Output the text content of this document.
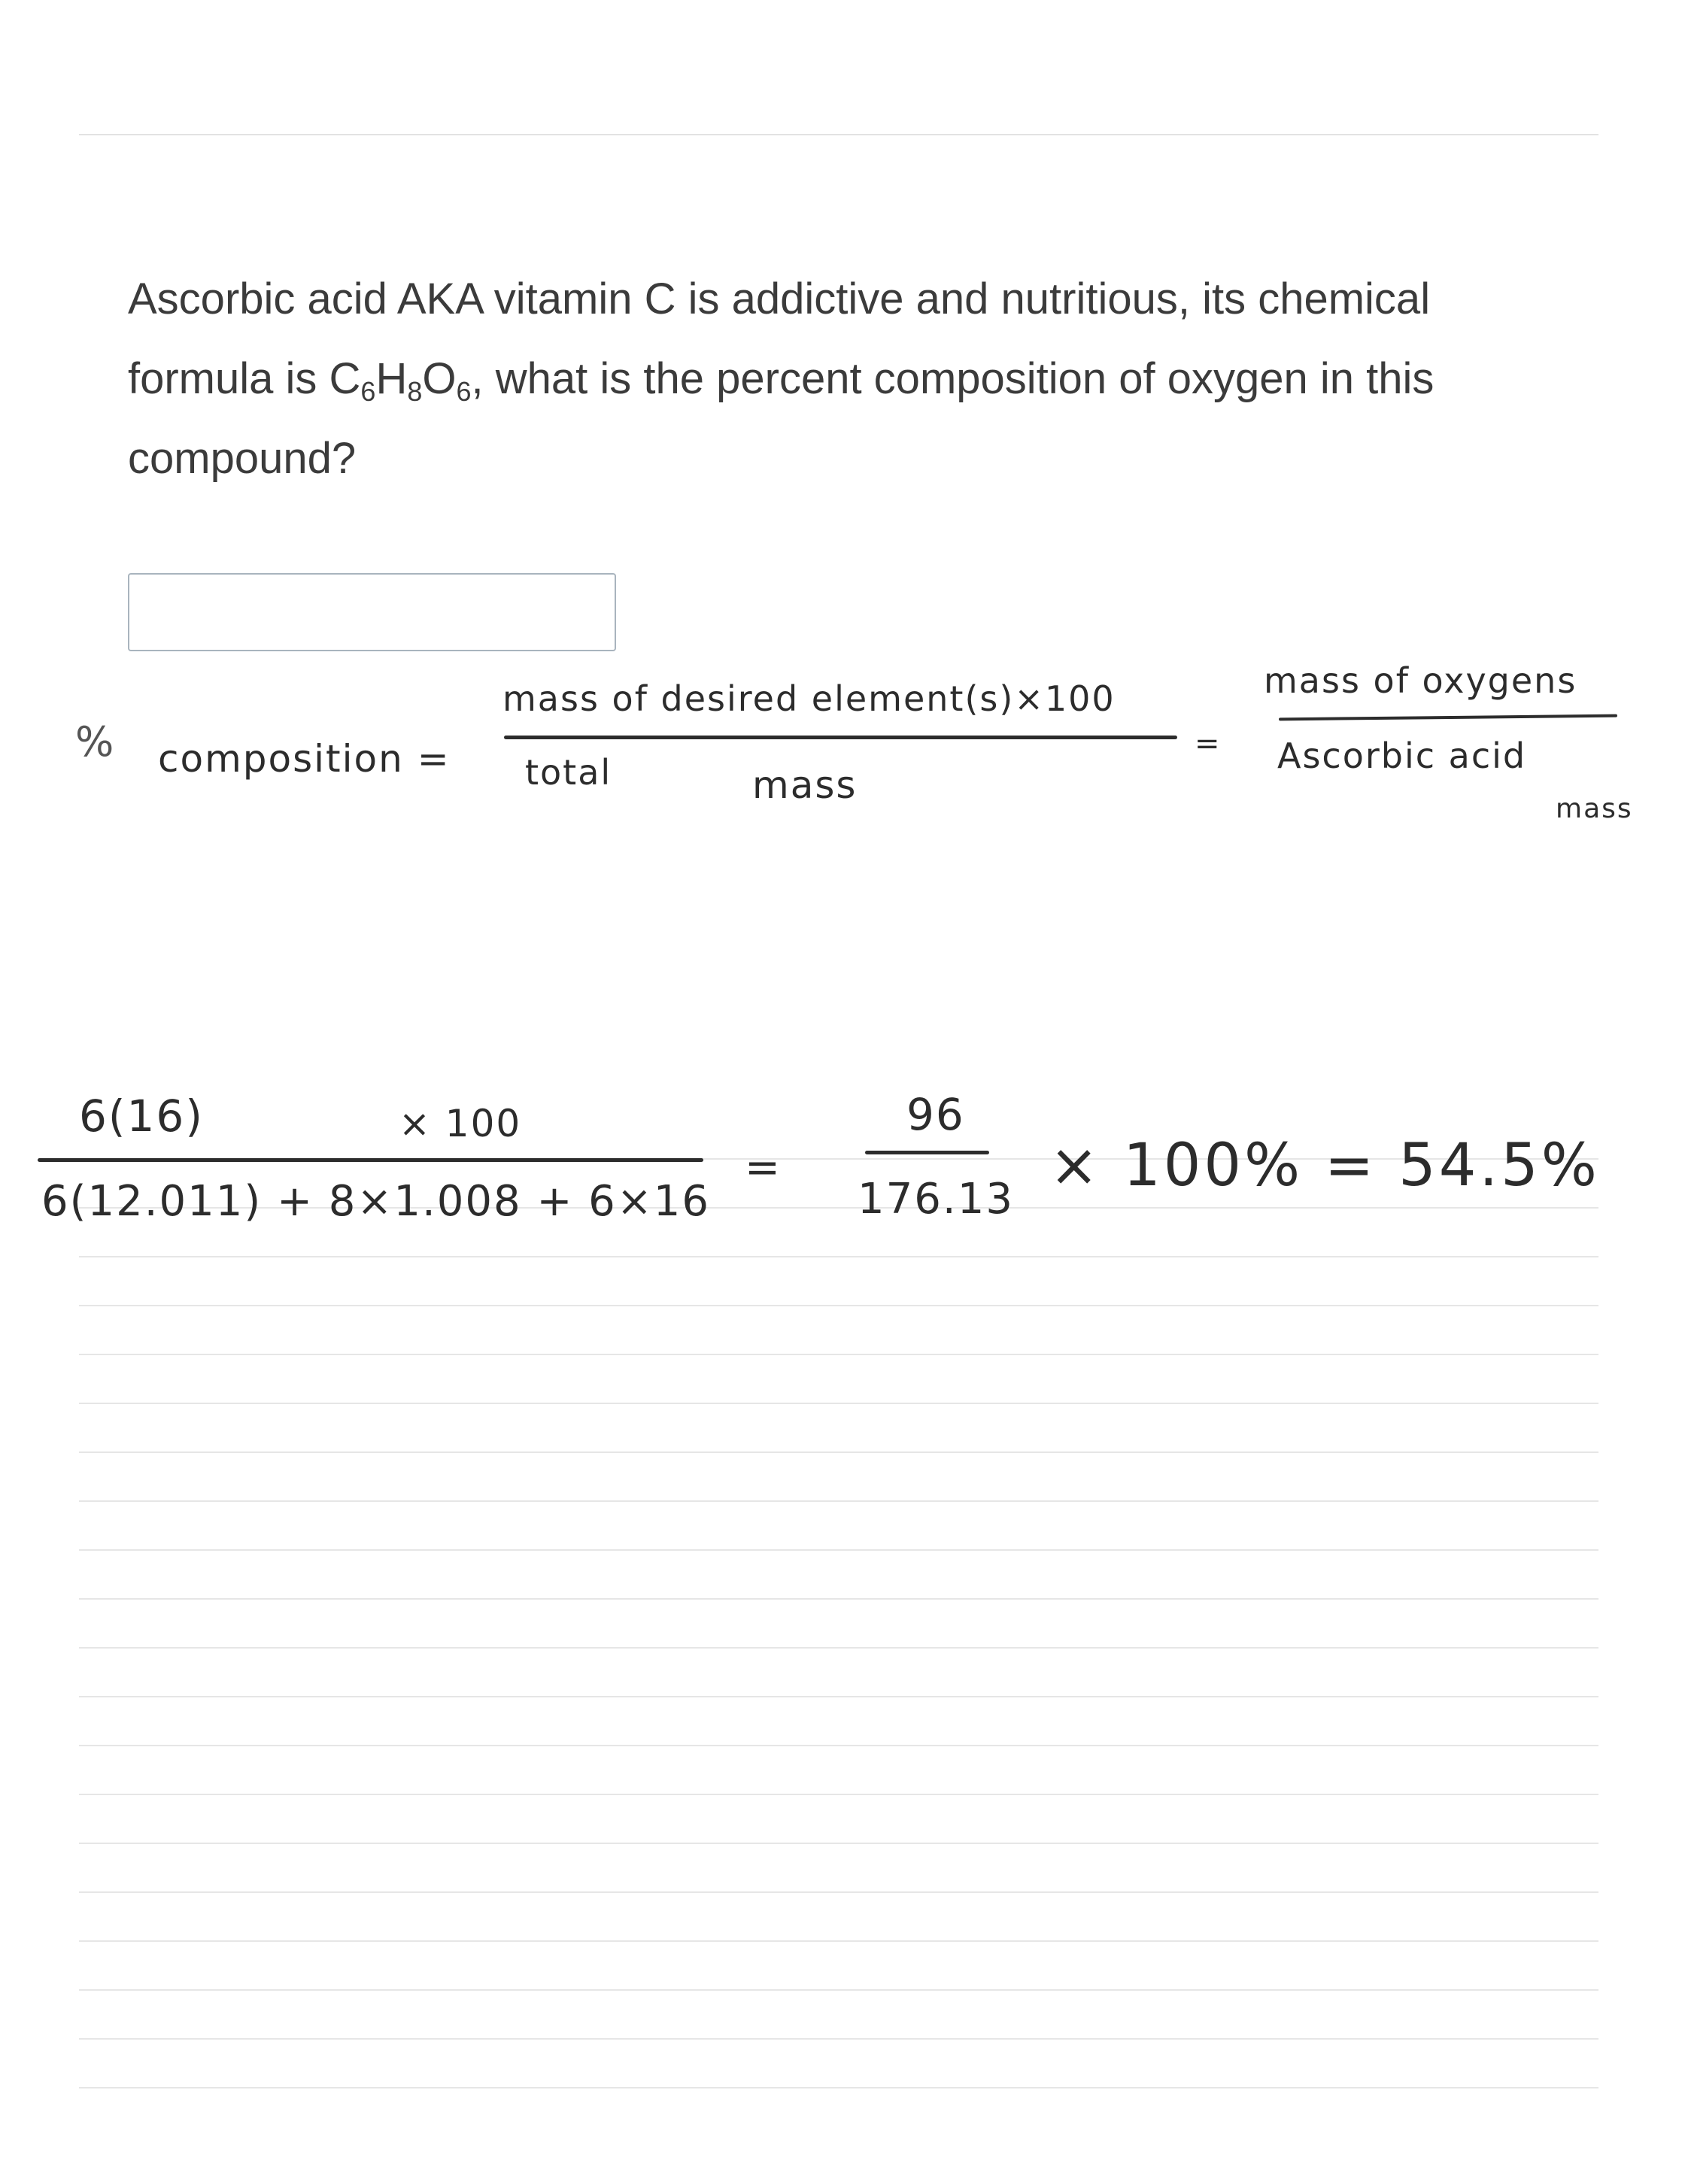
Ascorbic acid AKA vitamin C is addictive and nutritious, its chemical formula is $C_6H_8O_6$, what is the percent composition of oxygen in this compound?
% composition =
mass of desired element(s)×100
total	mass
=
mass of oxygens
Ascorbic acid
mass
6(16)	× 100
6(12.011) + 8×1.008 + 6×16
=
96
176.13 × 100% = 54.5%
